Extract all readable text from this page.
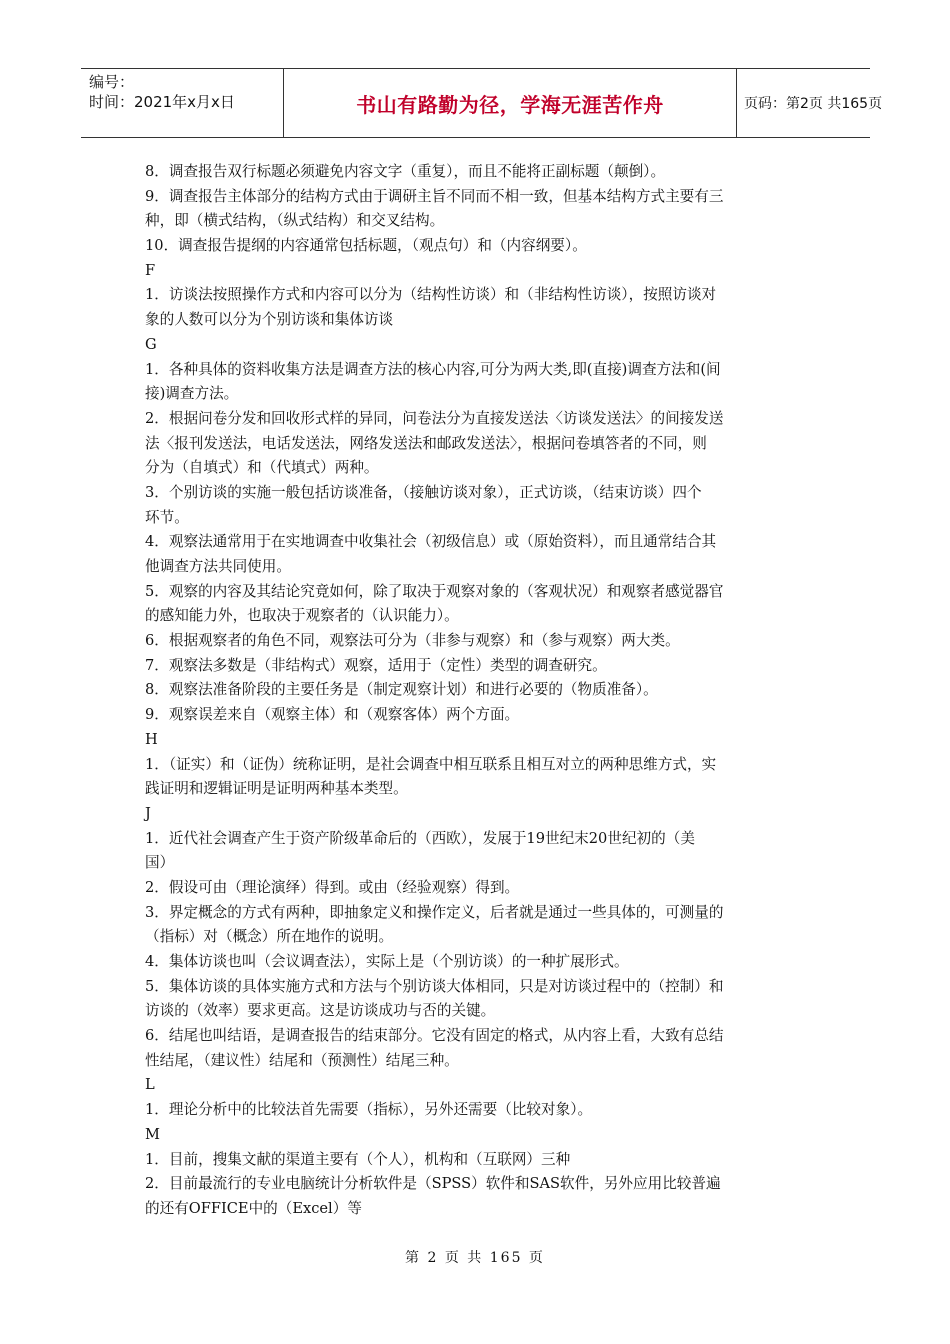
编号：
时间：2021年x月x日	书山有路勤为径，学海无涯苦作舟	页码：第2页 共165页
8．调查报告双行标题必须避免内容文字（重复），而且不能将正副标题（颠倒）。
9．调查报告主体部分的结构方式由于调研主旨不同而不相一致，但基本结构方式主要有三
种，即（横式结构，（纵式结构）和交叉结构。
10．调查报告提纲的内容通常包括标题，（观点句）和（内容纲要）。
F
1．访谈法按照操作方式和内容可以分为（结构性访谈）和（非结构性访谈），按照访谈对
象的人数可以分为个别访谈和集体访谈
G
1．各种具体的资料收集方法是调查方法的核心内容,可分为两大类,即(直接)调查方法和(间
接)调查方法。
2．根据问卷分发和回收形式样的异同，问卷法分为直接发送法〈访谈发送法〉的间接发送
法〈报刊发送法，电话发送法，网络发送法和邮政发送法〉，根据问卷填答者的不同，则
分为（自填式）和（代填式）两种。
3．个别访谈的实施一般包括访谈准备，（接触访谈对象），正式访谈，（结束访谈）四个
环节。
4．观察法通常用于在实地调查中收集社会（初级信息）或（原始资料），而且通常结合其
他调查方法共同使用。
5．观察的内容及其结论究竟如何，除了取决于观察对象的（客观状况）和观察者感觉器官
的感知能力外，也取决于观察者的（认识能力）。
6．根据观察者的角色不同，观察法可分为（非参与观察）和（参与观察）两大类。
7．观察法多数是（非结构式）观察，适用于（定性）类型的调查研究。
8．观察法准备阶段的主要任务是（制定观察计划）和进行必要的（物质准备）。
9．观察误差来自（观察主体）和（观察客体）两个方面。
H
1．（证实）和（证伪）统称证明，是社会调查中相互联系且相互对立的两种思维方式，实
践证明和逻辑证明是证明两种基本类型。
J
1．近代社会调查产生于资产阶级革命后的（西欧），发展于19世纪末20世纪初的（美
国）
2．假设可由（理论演绎）得到。或由（经验观察）得到。
3．界定概念的方式有两种，即抽象定义和操作定义，后者就是通过一些具体的，可测量的
（指标）对（概念）所在地作的说明。
4．集体访谈也叫（会议调查法），实际上是（个别访谈）的一种扩展形式。
5．集体访谈的具体实施方式和方法与个别访谈大体相同，只是对访谈过程中的（控制）和
访谈的（效率）要求更高。这是访谈成功与否的关键。
6．结尾也叫结语，是调查报告的结束部分。它没有固定的格式，从内容上看，大致有总结
性结尾，（建议性）结尾和（预测性）结尾三种。
L
1．理论分析中的比较法首先需要（指标），另外还需要（比较对象）。
M
1．目前，搜集文献的渠道主要有（个人），机构和（互联网）三种
2．目前最流行的专业电脑统计分析软件是（SPSS）软件和SAS软件，另外应用比较普遍
的还有OFFICE中的（Excel）等
第 2 页 共 165 页
